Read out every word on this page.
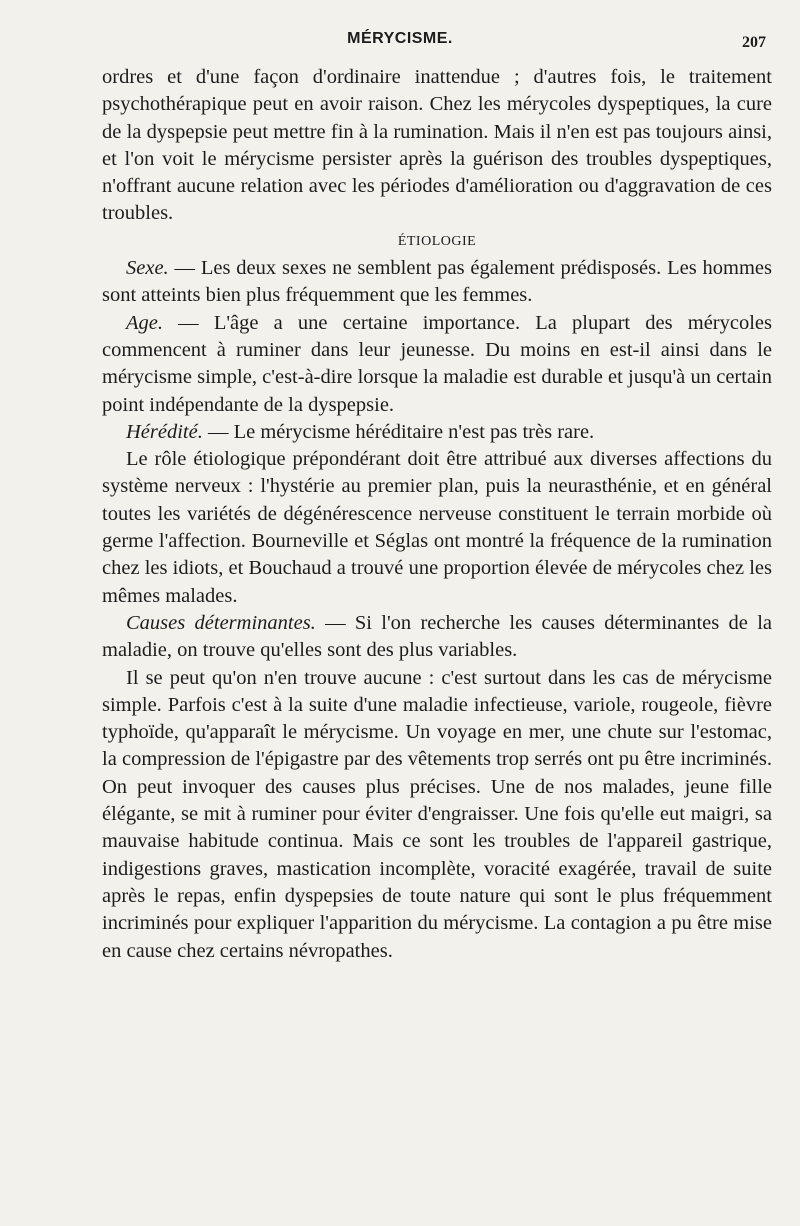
MÉRYCISME.	207

ordres et d'une façon d'ordinaire inattendue ; d'autres fois, le traitement psychothérapique peut en avoir raison. Chez les mérycoles dyspeptiques, la cure de la dyspepsie peut mettre fin à la rumination. Mais il n'en est pas toujours ainsi, et l'on voit le mérycisme persister après la guérison des troubles dyspeptiques, n'offrant aucune relation avec les périodes d'amélioration ou d'aggravation de ces troubles.

ÉTIOLOGIE

Sexe. — Les deux sexes ne semblent pas également prédisposés. Les hommes sont atteints bien plus fréquemment que les femmes.

Age. — L'âge a une certaine importance. La plupart des mérycoles commencent à ruminer dans leur jeunesse. Du moins en est-il ainsi dans le mérycisme simple, c'est-à-dire lorsque la maladie est durable et jusqu'à un certain point indépendante de la dyspepsie.

Hérédité. — Le mérycisme héréditaire n'est pas très rare.

Le rôle étiologique prépondérant doit être attribué aux diverses affections du système nerveux : l'hystérie au premier plan, puis la neurasthénie, et en général toutes les variétés de dégénérescence nerveuse constituent le terrain morbide où germe l'affection. Bourneville et Séglas ont montré la fréquence de la rumination chez les idiots, et Bouchaud a trouvé une proportion élevée de mérycoles chez les mêmes malades.

Causes déterminantes. — Si l'on recherche les causes déterminantes de la maladie, on trouve qu'elles sont des plus variables.

Il se peut qu'on n'en trouve aucune : c'est surtout dans les cas de mérycisme simple. Parfois c'est à la suite d'une maladie infectieuse, variole, rougeole, fièvre typhoïde, qu'apparaît le mérycisme. Un voyage en mer, une chute sur l'estomac, la compression de l'épigastre par des vêtements trop serrés ont pu être incriminés. On peut invoquer des causes plus précises. Une de nos malades, jeune fille élégante, se mit à ruminer pour éviter d'engraisser. Une fois qu'elle eut maigri, sa mauvaise habitude continua. Mais ce sont les troubles de l'appareil gastrique, indigestions graves, mastication incomplète, voracité exagérée, travail de suite après le repas, enfin dyspepsies de toute nature qui sont le plus fréquemment incriminés pour expliquer l'apparition du mérycisme. La contagion a pu être mise en cause chez certains névropathes.
